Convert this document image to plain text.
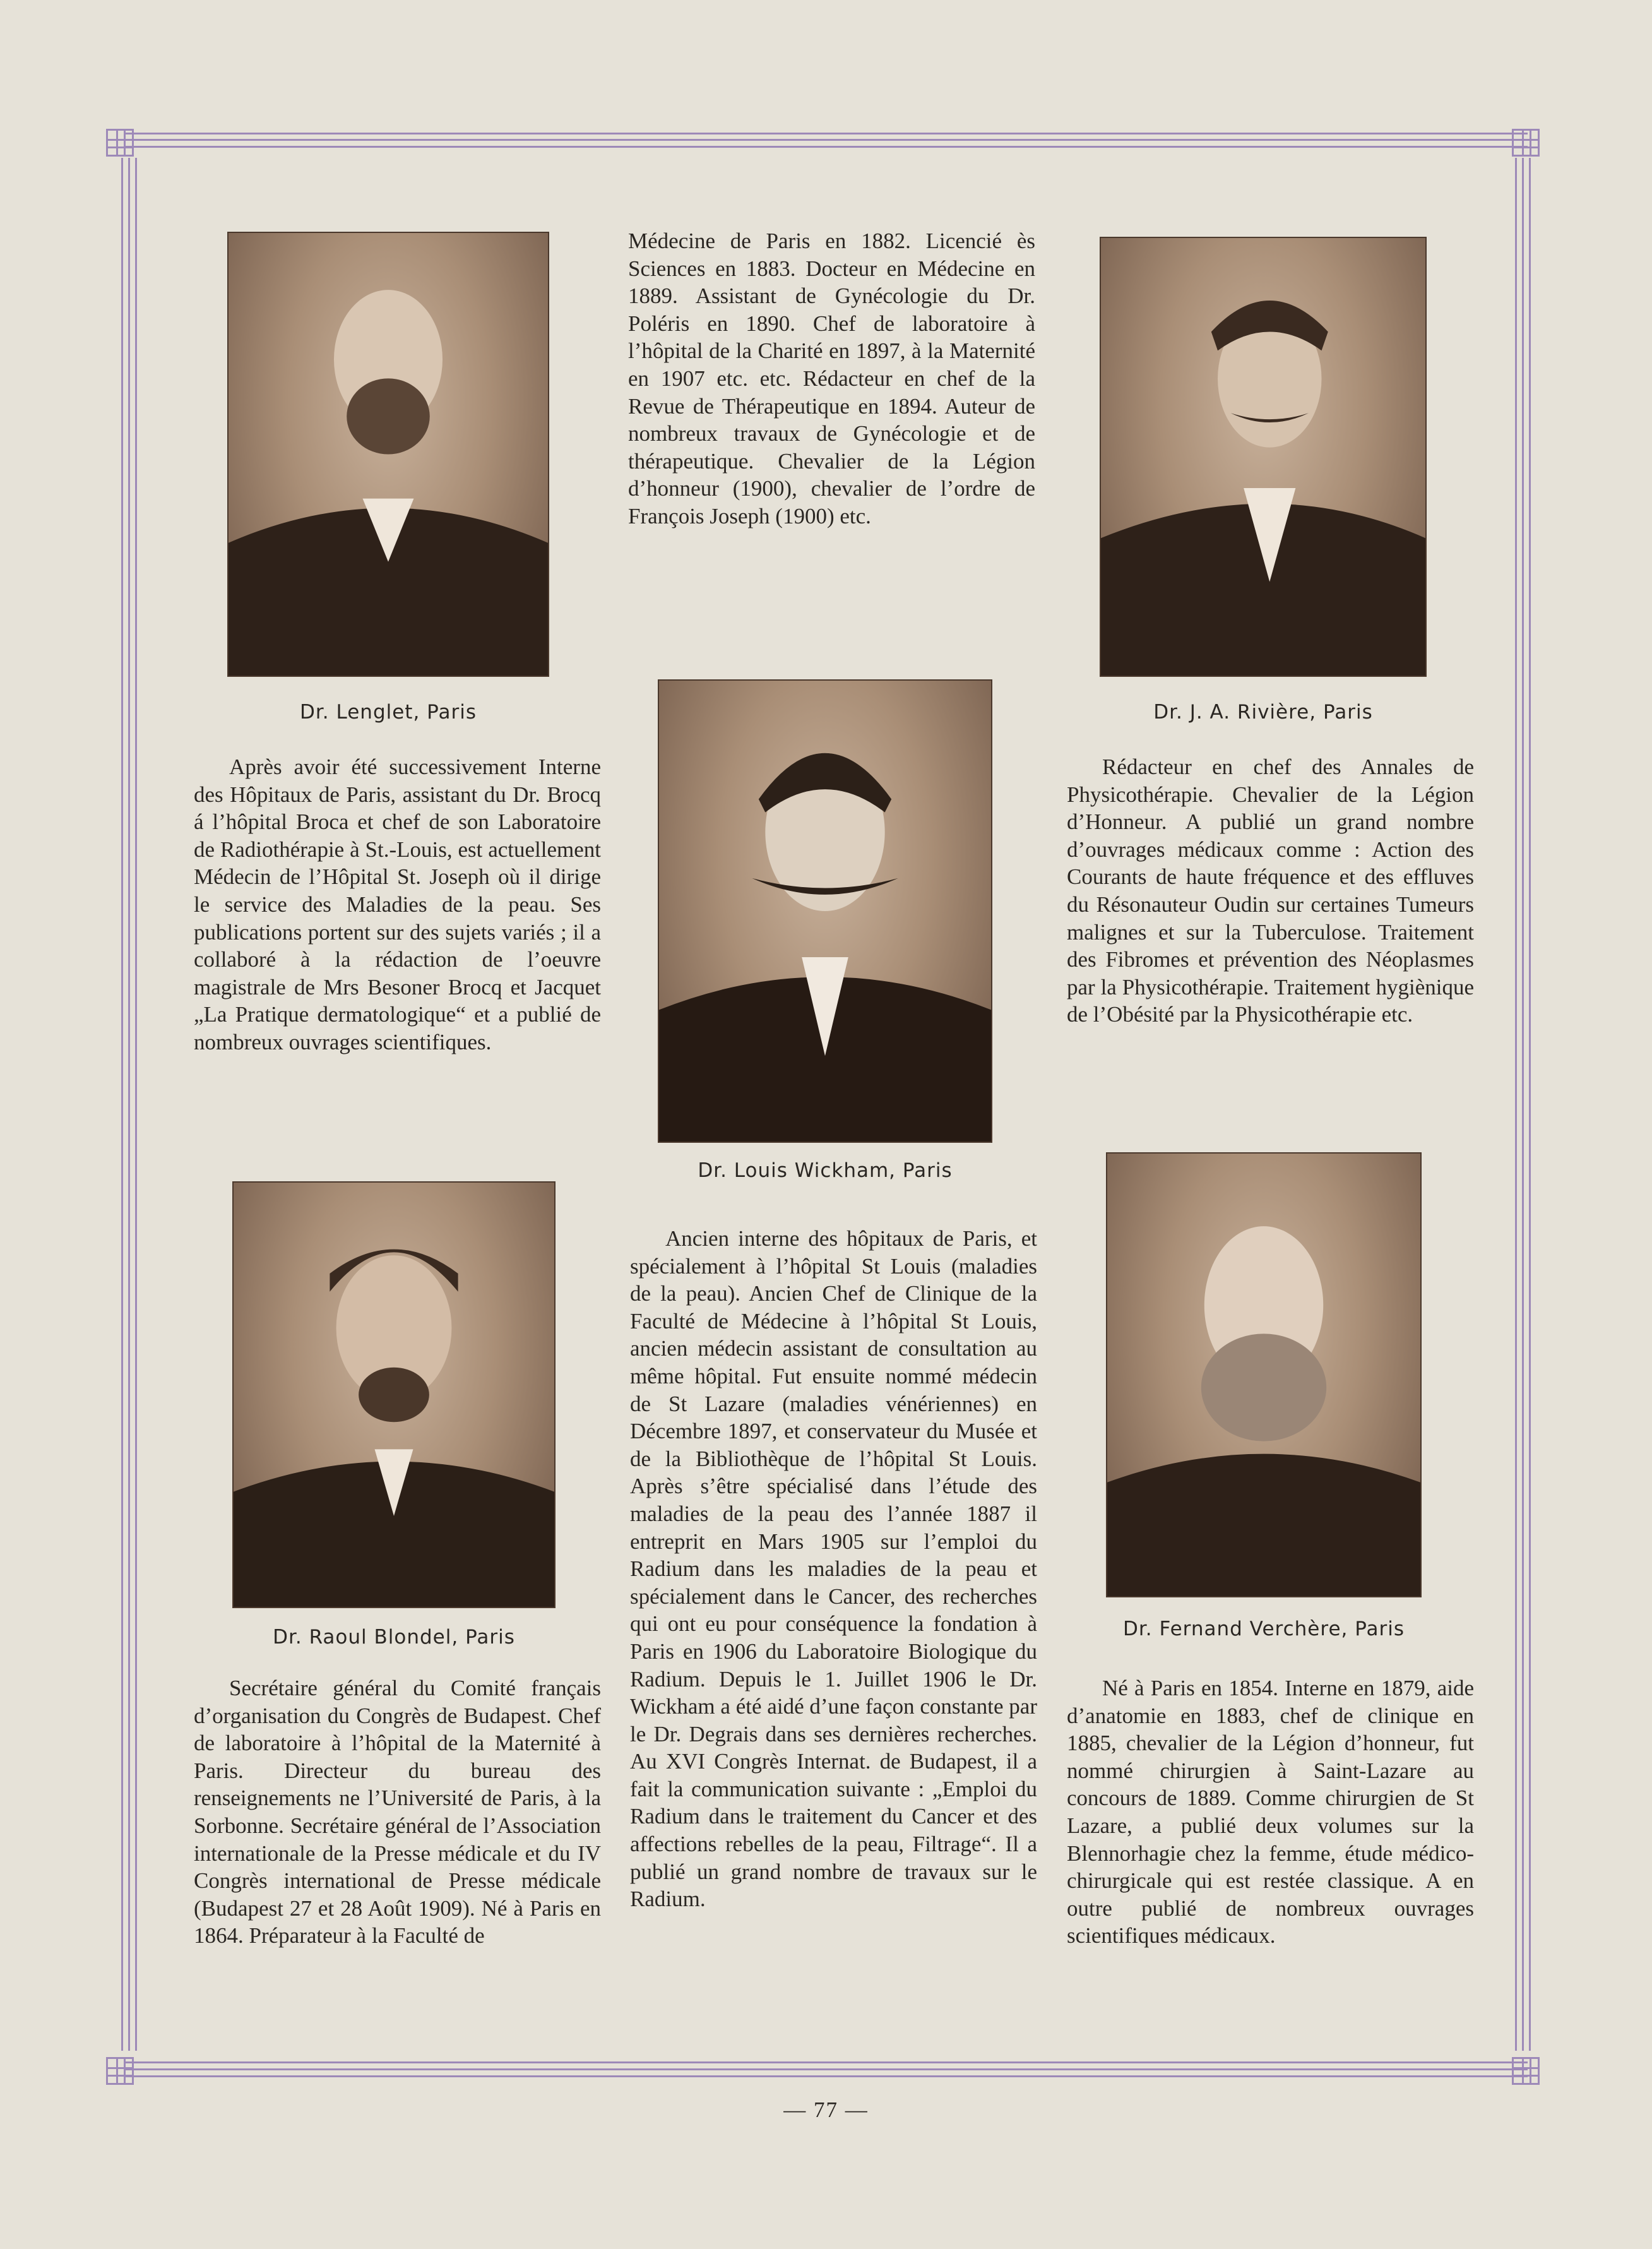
Dr. Lenglet, Paris	Dr. J. A. Rivière, Paris
Dr. Louis Wickham, Paris
Dr. Raoul Blondel, Paris	Dr. Fernand Verchère, Paris

Médecine de Paris en 1882. Licencié ès Sciences en 1883. Docteur en Médecine en 1889. Assistant de Gynécologie du Dr. Poléris en 1890. Chef de laboratoire à l’hôpital de la Charité en 1897, à la Maternité en 1907 etc. etc. Rédacteur en chef de la Revue de Thérapeutique en 1894. Auteur de nombreux travaux de Gynécologie et de thérapeutique. Chevalier de la Légion d’honneur (1900), chevalier de l’ordre de François Joseph (1900) etc.

Après avoir été successivement Interne des Hôpitaux de Paris, assistant du Dr. Brocq á l’hôpital Broca et chef de son Laboratoire de Radiothérapie à St.-Louis, est actuellement Médecin de l’Hôpital St. Joseph où il dirige le service des Maladies de la peau. Ses publications portent sur des sujets variés ; il a collaboré à la rédaction de l’oeuvre magistrale de Mrs Besoner Brocq et Jacquet „La Pratique dermatologique“ et a publié de nombreux ouvrages scientifiques.

Rédacteur en chef des Annales de Physicothérapie. Chevalier de la Légion d’Honneur. A publié un grand nombre d’ouvrages médicaux comme : Action des Courants de haute fréquence et des effluves du Résonauteur Oudin sur certaines Tumeurs malignes et sur la Tuberculose. Traitement des Fibromes et prévention des Néoplasmes par la Physicothérapie. Traitement hygiènique de l’Obésité par la Physicothérapie etc.

Ancien interne des hôpitaux de Paris, et spécialement à l’hôpital St Louis (maladies de la peau). Ancien Chef de Clinique de la Faculté de Médecine à l’hôpital St Louis, ancien médecin assistant de consultation au même hôpital. Fut ensuite nommé médecin de St Lazare (maladies vénériennes) en Décembre 1897, et conservateur du Musée et de la Bibliothèque de l’hôpital St Louis. Après s’être spécialisé dans l’étude des maladies de la peau des l’année 1887 il entreprit en Mars 1905 sur l’emploi du Radium dans les maladies de la peau et spécialement dans le Cancer, des recherches qui ont eu pour conséquence la fondation à Paris en 1906 du Laboratoire Biologique du Radium. Depuis le 1. Juillet 1906 le Dr. Wickham a été aidé d’une façon constante par le Dr. Degrais dans ses dernières recherches. Au XVI Congrès Internat. de Budapest, il a fait la communication suivante : „Emploi du Radium dans le traitement du Cancer et des affections rebelles de la peau, Filtrage“. Il a publié un grand nombre de travaux sur le Radium.

Secrétaire général du Comité français d’organisation du Congrès de Budapest. Chef de laboratoire à l’hôpital de la Maternité à Paris. Directeur du bureau des renseignements ne l’Université de Paris, à la Sorbonne. Secrétaire général de l’Association internationale de la Presse médicale et du IV Congrès international de Presse médicale (Budapest 27 et 28 Août 1909). Né à Paris en 1864. Préparateur à la Faculté de

Né à Paris en 1854. Interne en 1879, aide d’anatomie en 1883, chef de clinique en 1885, chevalier de la Légion d’honneur, fut nommé chirurgien à Saint-Lazare au concours de 1889. Comme chirurgien de St Lazare, a publié deux volumes sur la Blennorhagie chez la femme, étude médico-chirurgicale qui est restée classique. A en outre publié de nombreux ouvrages scientifiques médicaux.

— 77 —
